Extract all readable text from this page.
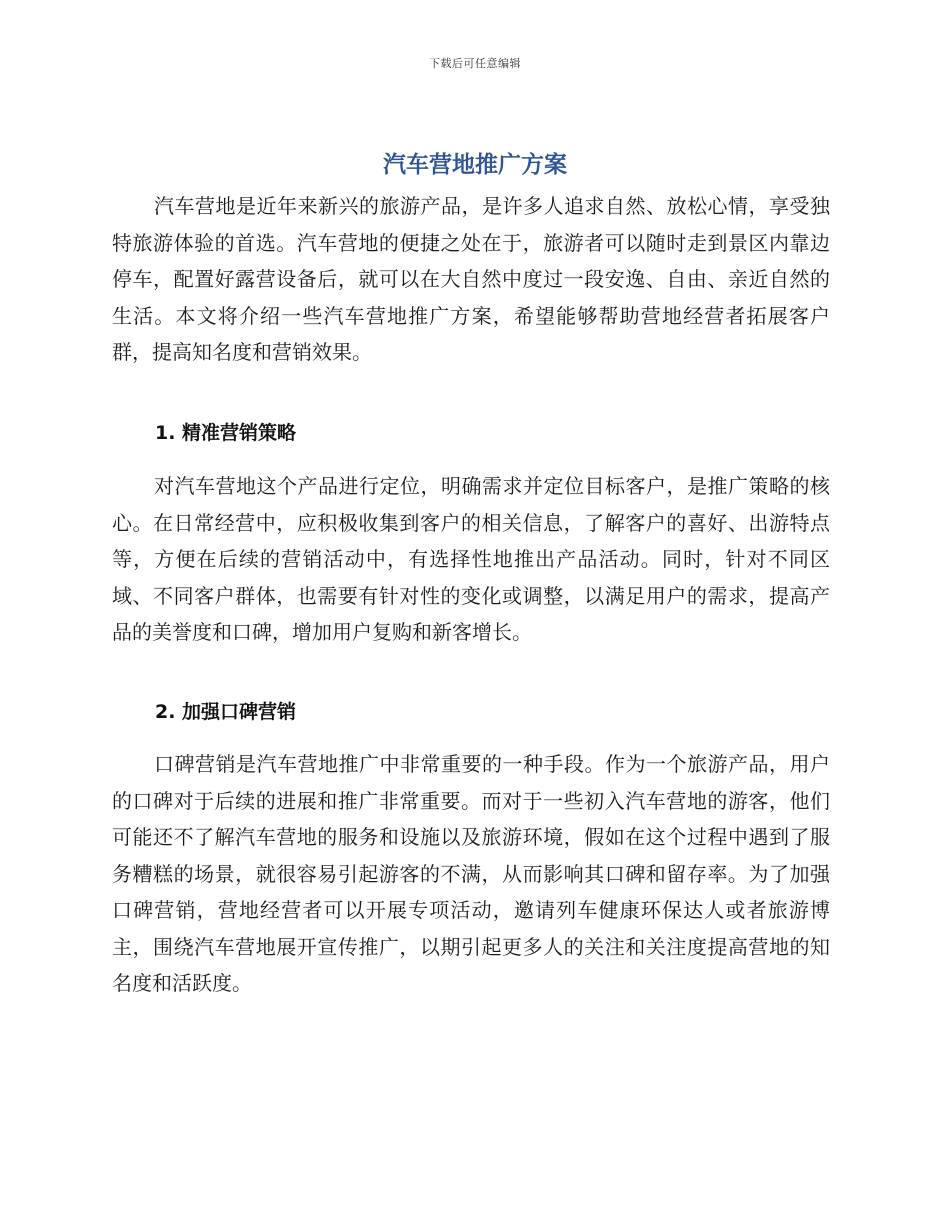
下载后可任意编辑
汽车营地推广方案

汽车营地是近年来新兴的旅游产品，是许多人追求自然、放松心情，享受独特旅游体验的首选。汽车营地的便捷之处在于，旅游者可以随时走到景区内靠边停车，配置好露营设备后，就可以在大自然中度过一段安逸、自由、亲近自然的生活。本文将介绍一些汽车营地推广方案，希望能够帮助营地经营者拓展客户群，提高知名度和营销效果。

1. 精准营销策略

对汽车营地这个产品进行定位，明确需求并定位目标客户，是推广策略的核心。在日常经营中，应积极收集到客户的相关信息，了解客户的喜好、出游特点等，方便在后续的营销活动中，有选择性地推出产品活动。同时，针对不同区域、不同客户群体，也需要有针对性的变化或调整，以满足用户的需求，提高产品的美誉度和口碑，增加用户复购和新客增长。

2. 加强口碑营销

口碑营销是汽车营地推广中非常重要的一种手段。作为一个旅游产品，用户的口碑对于后续的进展和推广非常重要。而对于一些初入汽车营地的游客，他们可能还不了解汽车营地的服务和设施以及旅游环境，假如在这个过程中遇到了服务糟糕的场景，就很容易引起游客的不满，从而影响其口碑和留存率。为了加强口碑营销，营地经营者可以开展专项活动，邀请列车健康环保达人或者旅游博主，围绕汽车营地展开宣传推广，以期引起更多人的关注和关注度提高营地的知名度和活跃度。
